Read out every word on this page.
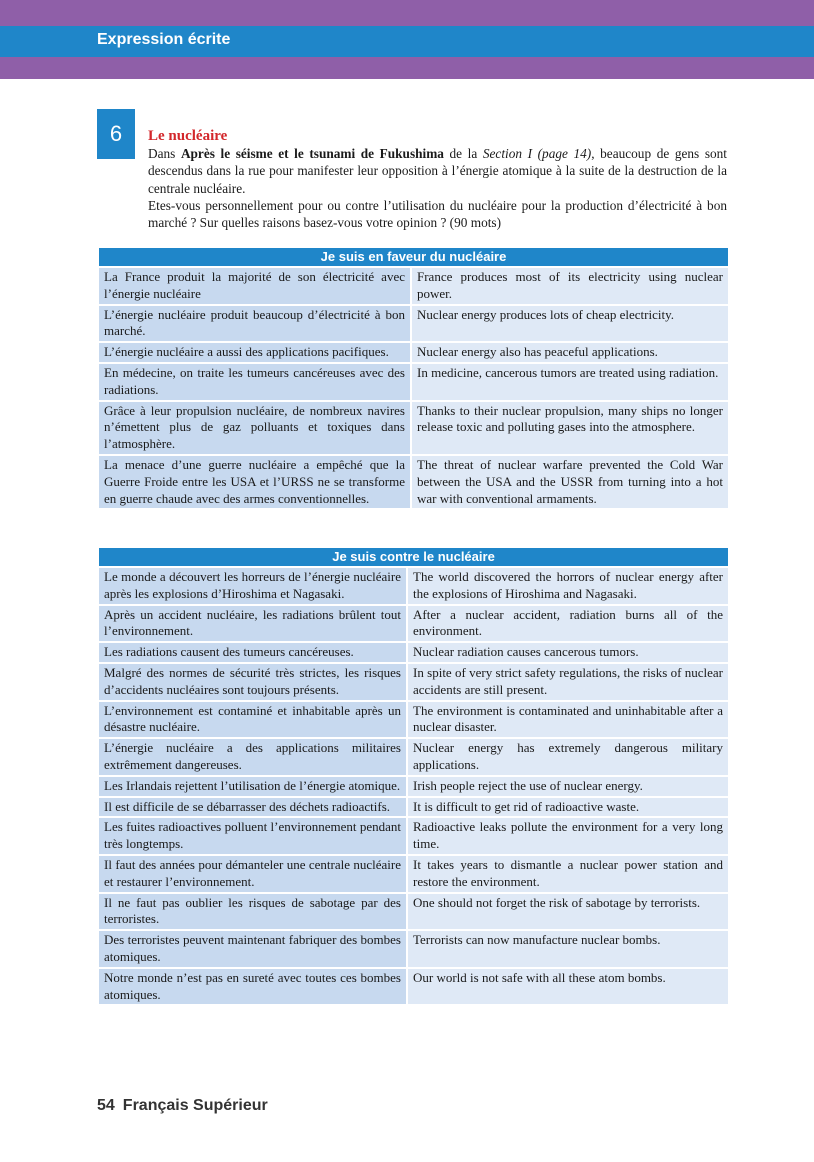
Expression écrite
6	Le nucléaire

Dans Après le séisme et le tsunami de Fukushima de la Section I (page 14), beaucoup de gens sont descendus dans la rue pour manifester leur opposition à l’énergie atomique à la suite de la destruction de la centrale nucléaire.

Etes-vous personnellement pour ou contre l’utilisation du nucléaire pour la production d’électricité à bon marché ? Sur quelles raisons basez-vous votre opinion ? (90 mots)

Je suis en faveur du nucléaire	
La France produit la majorité de son électricité avec l’énergie nucléaire	France produces most of its electricity using nuclear power.
L’énergie nucléaire produit beaucoup d’électricité à bon marché.	Nuclear energy produces lots of cheap electricity.
L’énergie nucléaire a aussi des applications pacifiques.	Nuclear energy also has peaceful applications.
En médecine, on traite les tumeurs cancéreuses avec des radiations.	In medicine, cancerous tumors are treated using radiation.
Grâce à leur propulsion nucléaire, de nombreux navires n’émettent plus de gaz polluants et toxiques dans l’atmosphère.	Thanks to their nuclear propulsion, many ships no longer release toxic and polluting gases into the atmosphere.
La menace d’une guerre nucléaire a empêché que la Guerre Froide entre les USA et l’URSS ne se transforme en guerre chaude avec des armes conventionnelles.	The threat of nuclear warfare prevented the Cold War between the USA and the USSR from turning into a hot war with conventional armaments.
Je suis contre le nucléaire	
Le monde a découvert les horreurs de l’énergie nucléaire après les explosions d’Hiroshima et Nagasaki.	The world discovered the horrors of nuclear energy after the explosions of Hiroshima and Nagasaki.
Après un accident nucléaire, les radiations brûlent tout l’environnement.	After a nuclear accident, radiation burns all of the environment.
Les radiations causent des tumeurs cancéreuses.	Nuclear radiation causes cancerous tumors.
Malgré des normes de sécurité très strictes, les risques d’accidents nucléaires sont toujours présents.	In spite of very strict safety regulations, the risks of nuclear accidents are still present.
L’environnement est contaminé et inhabitable après un désastre nucléaire.	The environment is contaminated and uninhabitable after a nuclear disaster.
L’énergie nucléaire a des applications militaires extrêmement dangereuses.	Nuclear energy has extremely dangerous military applications.
Les Irlandais rejettent l’utilisation de l’énergie atomique.	Irish people reject the use of nuclear energy.
Il est difficile de se débarrasser des déchets radioactifs.	It is difficult to get rid of radioactive waste.
Les fuites radioactives polluent l’environnement pendant très longtemps.	Radioactive leaks pollute the environment for a very long time.
Il faut des années pour démanteler une centrale nucléaire et restaurer l’environnement.	It takes years to dismantle a nuclear power station and restore the environment.
Il ne faut pas oublier les risques de sabotage par des terroristes.	One should not forget the risk of sabotage by terrorists.
Des terroristes peuvent maintenant fabriquer des bombes atomiques.	Terrorists can now manufacture nuclear bombs.
Notre monde n’est pas en sureté avec toutes ces bombes atomiques.	Our world is not safe with all these atom bombs.
54 Français Supérieur
